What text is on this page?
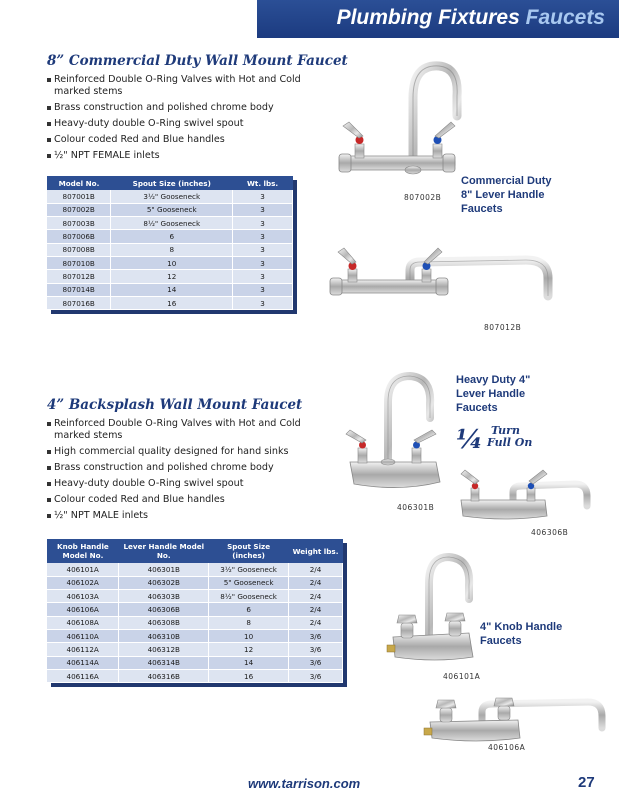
Plumbing Fixtures Faucets
8” Commercial Duty Wall Mount Faucet
Reinforced Double O-Ring Valves with Hot and Cold marked stems
Brass construction and polished chrome body
Heavy-duty double O-Ring swivel spout
Colour coded Red and Blue handles
½" NPT FEMALE inlets
Model No.	Spout Size (inches)	Wt. lbs.
807001B	3½" Gooseneck	3
807002B	5" Gooseneck	3
807003B	8½" Gooseneck	3
807006B	6	3
807008B	8	3
807010B	10	3
807012B	12	3
807014B	14	3
807016B	16	3
4” Backsplash Wall Mount Faucet
Reinforced Double O-Ring Valves with Hot and Cold marked stems
High commercial quality designed for hand sinks
Brass construction and polished chrome body
Heavy-duty double O-Ring swivel spout
Colour coded Red and Blue handles
½" NPT MALE inlets
Knob Handle Model No.	Lever Handle Model No.	Spout Size (inches)	Weight lbs.
406101A	406301B	3½" Gooseneck	2/4
406102A	406302B	5" Gooseneck	2/4
406103A	406303B	8½" Gooseneck	2/4
406106A	406306B	6	2/4
406108A	406308B	8	2/4
406110A	406310B	10	3/6
406112A	406312B	12	3/6
406114A	406314B	14	3/6
406116A	406316B	16	3/6
Commercial Duty
8" Lever Handle
Faucets
Heavy Duty 4"
Lever Handle
Faucets
4" Knob Handle
Faucets
¼ Turn
Full On
807002B
807012B
406301B
406306B
406101A
406106A
www.tarrison.com	27
